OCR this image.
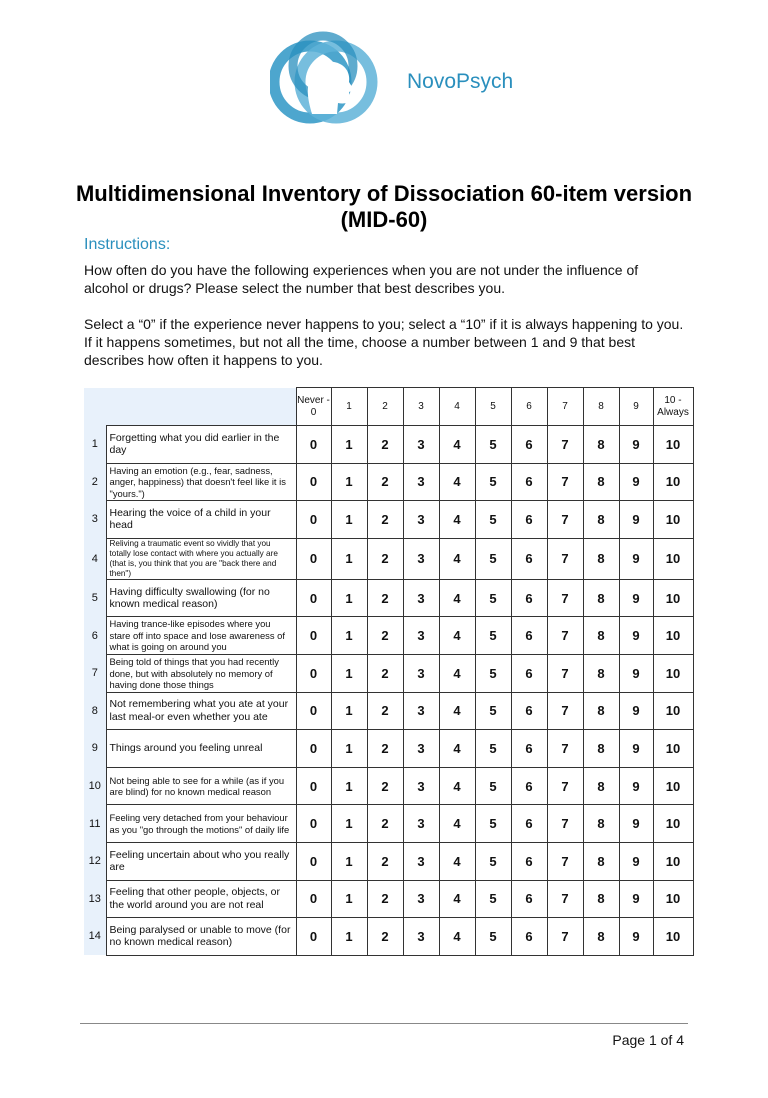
NovoPsych
Multidimensional Inventory of Dissociation 60-item version (MID-60)
Instructions:
How often do you have the following experiences when you are not under the influence of alcohol or drugs? Please select the number that best describes you.
Select a “0” if the experience never happens to you; select a “10” if it is always happening to you. If it happens sometimes, but not all the time, choose a number between 1 and 9 that best describes how often it happens to you.
		Never - 0	1	2	3	4	5	6	7	8	9	10 - Always
1	Forgetting what you did earlier in the day	0	1	2	3	4	5	6	7	8	9	10
2	Having an emotion (e.g., fear, sadness, anger, happiness) that doesn't feel like it is "yours.")	0	1	2	3	4	5	6	7	8	9	10
3	Hearing the voice of a child in your head	0	1	2	3	4	5	6	7	8	9	10
4	Reliving a traumatic event so vividly that you totally lose contact with where you actually are (that is, you think that you are "back there and then")	0	1	2	3	4	5	6	7	8	9	10
5	Having difficulty swallowing (for no known medical reason)	0	1	2	3	4	5	6	7	8	9	10
6	Having trance-like episodes where you stare off into space and lose awareness of what is going on around you	0	1	2	3	4	5	6	7	8	9	10
7	Being told of things that you had recently done, but with absolutely no memory of having done those things	0	1	2	3	4	5	6	7	8	9	10
8	Not remembering what you ate at your last meal-or even whether you ate	0	1	2	3	4	5	6	7	8	9	10
9	Things around you feeling unreal	0	1	2	3	4	5	6	7	8	9	10
10	Not being able to see for a while (as if you are blind) for no known medical reason	0	1	2	3	4	5	6	7	8	9	10
11	Feeling very detached from your behaviour as you "go through the motions" of daily life	0	1	2	3	4	5	6	7	8	9	10
12	Feeling uncertain about who you really are	0	1	2	3	4	5	6	7	8	9	10
13	Feeling that other people, objects, or the world around you are not real	0	1	2	3	4	5	6	7	8	9	10
14	Being paralysed or unable to move (for no known medical reason)	0	1	2	3	4	5	6	7	8	9	10
Page 1 of 4
